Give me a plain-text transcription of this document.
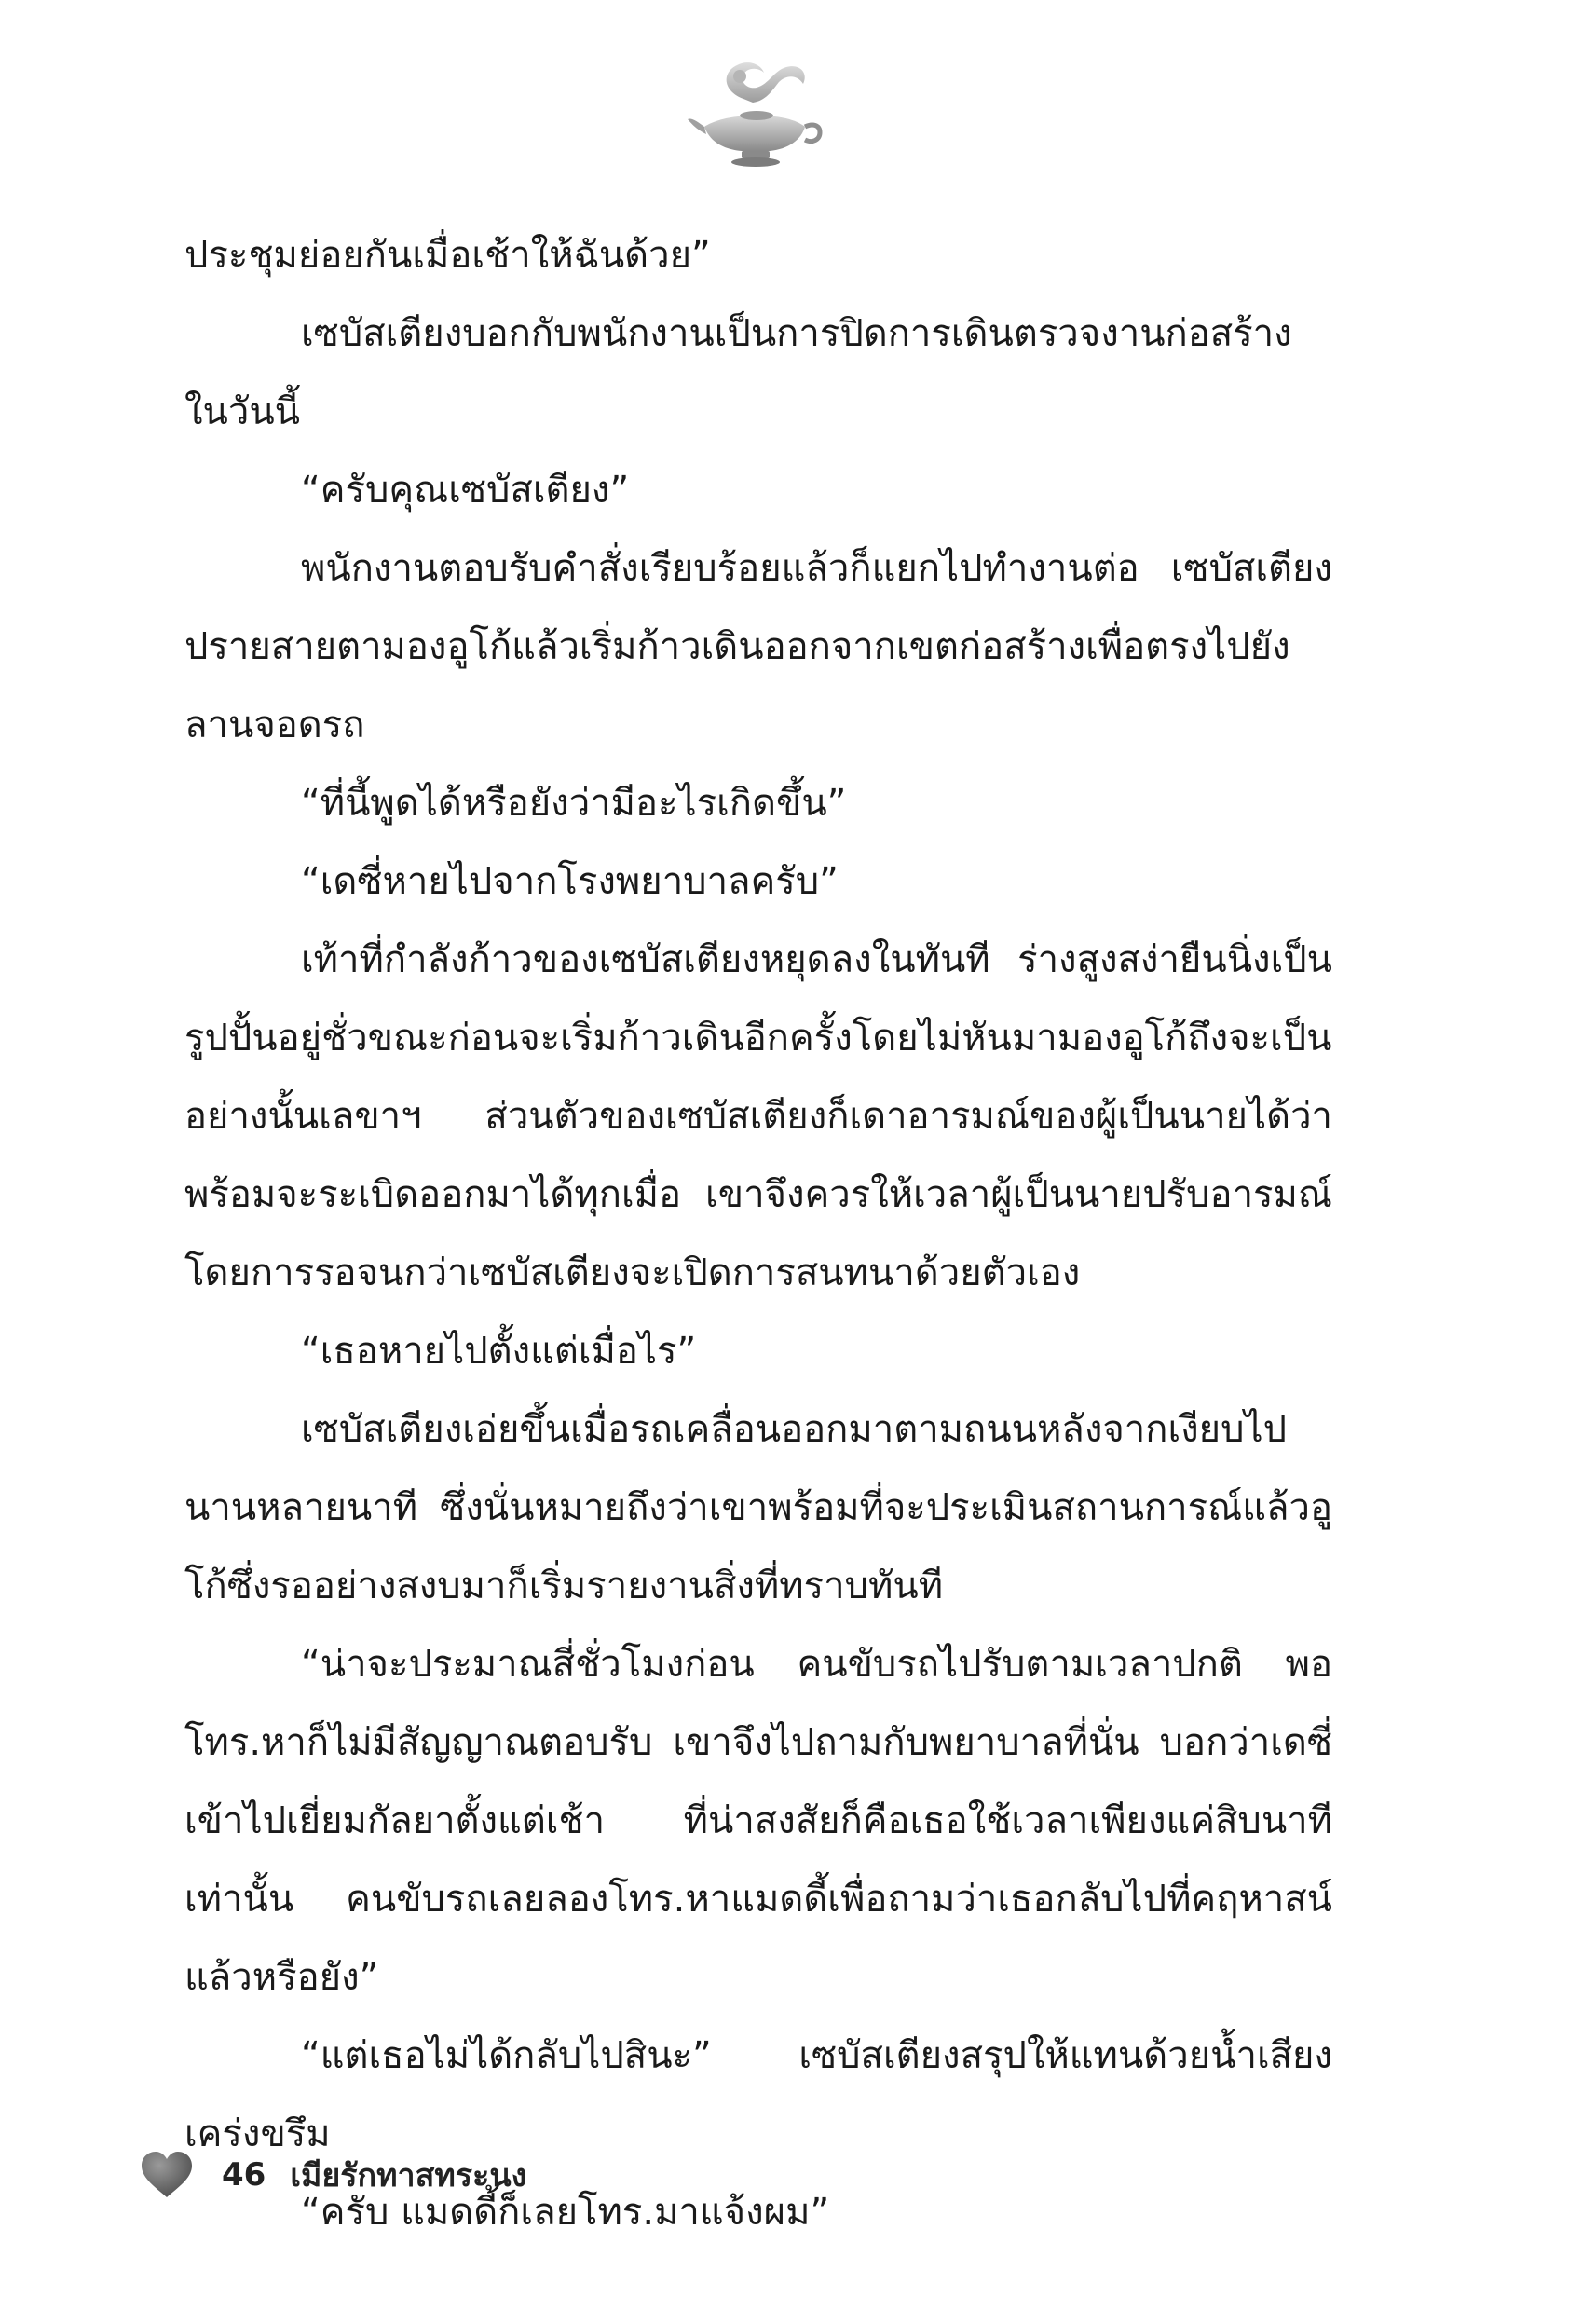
ประชุมย่อยกันเมื่อเช้าให้ฉันด้วย”

เซบัสเตียงบอกกับพนักงานเป็นการปิดการเดินตรวจงานก่อสร้างในวันนี้

“ครับคุณเซบัสเตียง”

พนักงานตอบรับคำสั่งเรียบร้อยแล้วก็แยกไปทำงานต่อ เซบัสเตียงปรายสายตามองอูโก้แล้วเริ่มก้าวเดินออกจากเขตก่อสร้างเพื่อตรงไปยังลานจอดรถ

“ที่นี้พูดได้หรือยังว่ามีอะไรเกิดขึ้น”

“เดซี่หายไปจากโรงพยาบาลครับ”

เท้าที่กำลังก้าวของเซบัสเตียงหยุดลงในทันที ร่างสูงสง่ายืนนิ่งเป็นรูปปั้นอยู่ชั่วขณะก่อนจะเริ่มก้าวเดินอีกครั้งโดยไม่หันมามองอูโก้ถึงจะเป็นอย่างนั้นเลขาฯ ส่วนตัวของเซบัสเตียงก็เดาอารมณ์ของผู้เป็นนายได้ว่าพร้อมจะระเบิดออกมาได้ทุกเมื่อ เขาจึงควรให้เวลาผู้เป็นนายปรับอารมณ์โดยการรอจนกว่าเซบัสเตียงจะเปิดการสนทนาด้วยตัวเอง

“เธอหายไปตั้งแต่เมื่อไร”

เซบัสเตียงเอ่ยขึ้นเมื่อรถเคลื่อนออกมาตามถนนหลังจากเงียบไปนานหลายนาที ซึ่งนั่นหมายถึงว่าเขาพร้อมที่จะประเมินสถานการณ์แล้วอูโก้ซึ่งรออย่างสงบมาก็เริ่มรายงานสิ่งที่ทราบทันที

“น่าจะประมาณสี่ชั่วโมงก่อน คนขับรถไปรับตามเวลาปกติ พอโทร.หาก็ไม่มีสัญญาณตอบรับ เขาจึงไปถามกับพยาบาลที่นั่น บอกว่าเดซี่เข้าไปเยี่ยมกัลยาตั้งแต่เช้า ที่น่าสงสัยก็คือเธอใช้เวลาเพียงแค่สิบนาทีเท่านั้น คนขับรถเลยลองโทร.หาแมดดี้เพื่อถามว่าเธอกลับไปที่คฤหาสน์แล้วหรือยัง”

“แต่เธอไม่ได้กลับไปสินะ” เซบัสเตียงสรุปให้แทนด้วยน้ำเสียงเคร่งขรึม

“ครับ แมดดี้ก็เลยโทร.มาแจ้งผม”

46 เมียรักทาสทระนง
